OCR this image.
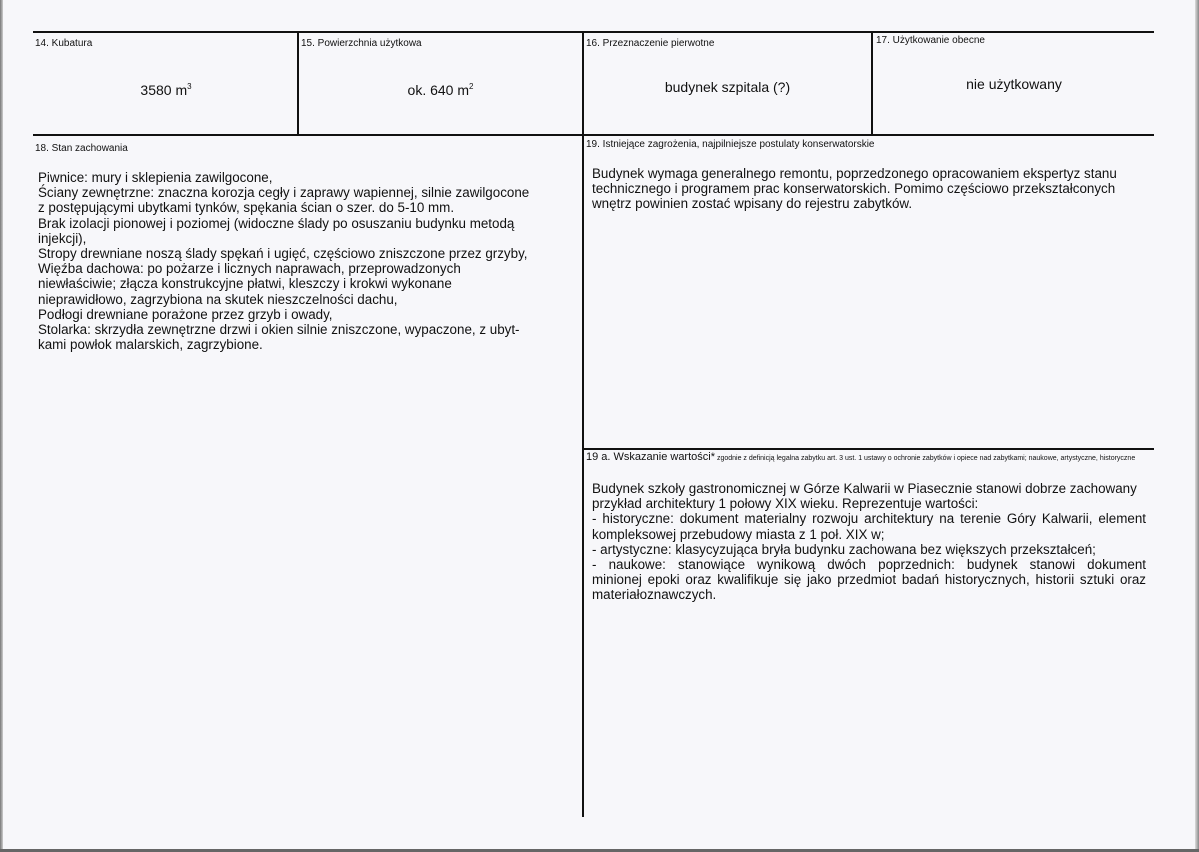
14. Kubatura
3580 $m^3$
15. Powierzchnia użytkowa
ok. 640 $m^2$
16. Przeznaczenie pierwotne
budynek szpitala (?)
17. Użytkowanie obecne
nie użytkowany
18. Stan zachowania

Piwnice: mury i sklepienia zawilgocone,

Ściany zewnętrzne: znaczna korozja cegły i zaprawy wapiennej, silnie zawilgocone

z postępującymi ubytkami tynków, spękania ścian o szer. do 5-10 mm.

Brak izolacji pionowej i poziomej (widoczne ślady po osuszaniu budynku metodą

injekcji),

Stropy drewniane noszą ślady spękań i ugięć, częściowo zniszczone przez grzyby,

Więźba dachowa: po pożarze i licznych naprawach, przeprowadzonych

niewłaściwie; złącza konstrukcyjne płatwi, kleszczy i krokwi wykonane

nieprawidłowo, zagrzybiona na skutek nieszczelności dachu,

Podłogi drewniane porażone przez grzyb i owady,

Stolarka: skrzydła zewnętrzne drzwi i okien silnie zniszczone, wypaczone, z ubyt-

kami powłok malarskich, zagrzybione.

19. Istniejące zagrożenia, najpilniejsze postulaty konserwatorskie

Budynek wymaga generalnego remontu, poprzedzonego opracowaniem ekspertyz stanu

technicznego i programem prac konserwatorskich. Pomimo częściowo przekształconych

wnętrz powinien zostać wpisany do rejestru zabytków.

19 a. Wskazanie wartości* zgodnie z definicją legalna zabytku art. 3 ust. 1 ustawy o ochronie zabytków i opiece nad zabytkami; naukowe, artystyczne, historyczne

Budynek szkoły gastronomicznej w Górze Kalwarii w Piasecznie stanowi dobrze zachowany

przykład architektury 1 połowy XIX wieku. Reprezentuje wartości:

- historyczne: dokument materialny rozwoju architektury na terenie Góry Kalwarii, element

kompleksowej przebudowy miasta z 1 poł. XIX w;

- artystyczne: klasycyzująca bryła budynku zachowana bez większych przekształceń;

- naukowe: stanowiące wynikową dwóch poprzednich: budynek stanowi dokument

minionej epoki oraz kwalifikuje się jako przedmiot badań historycznych, historii sztuki oraz

materiałoznawczych.
